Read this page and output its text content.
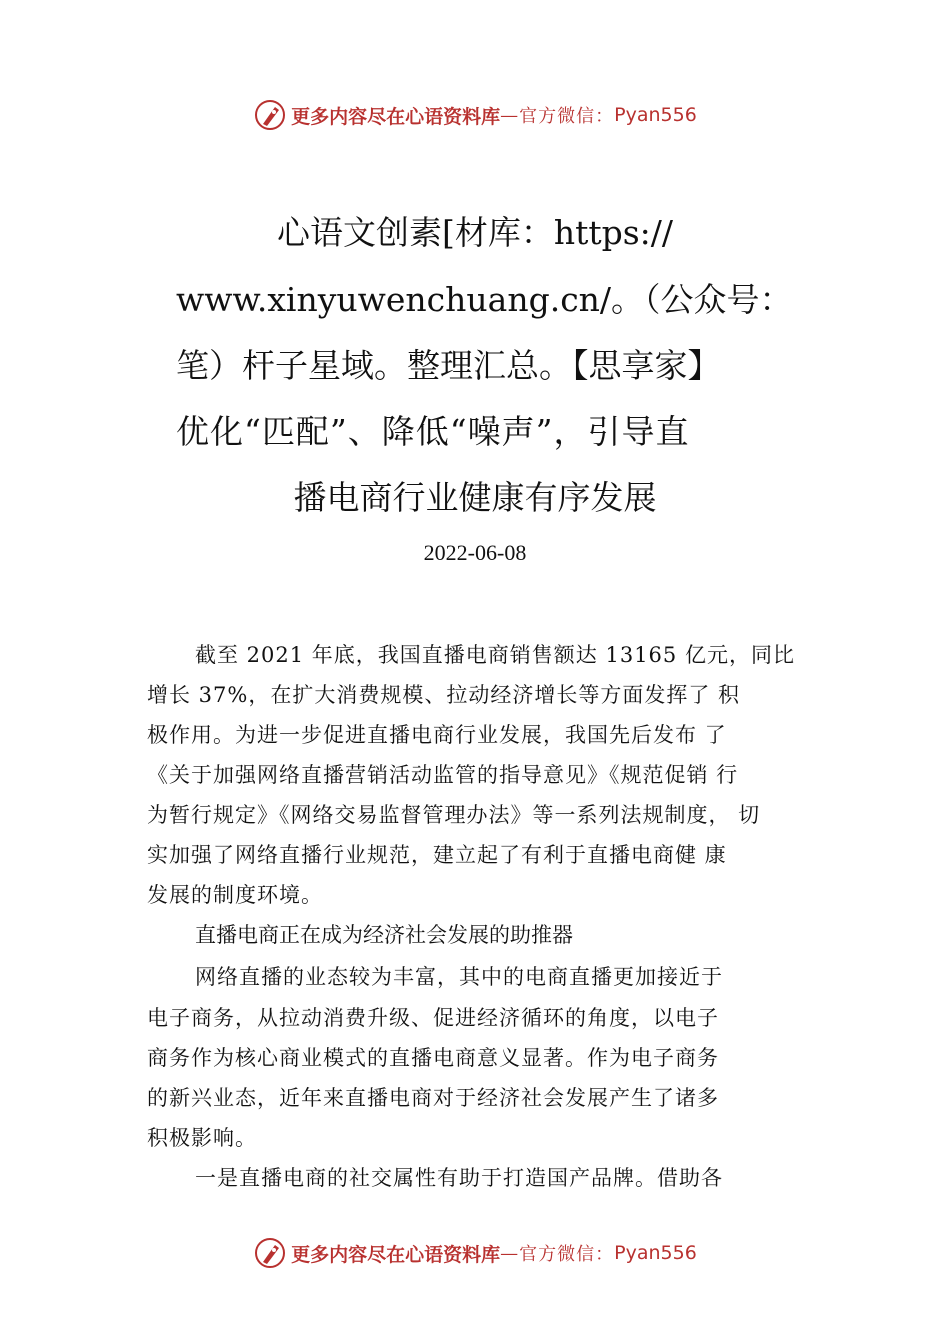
更多内容尽在心语资料库 — 官方微信： Pyan556
心语文创素[材库：https://
www.xinyuwenchuang.cn/。（公众号：
笔）杆子星域。整理汇总。【思享家】
优化“匹配”、降低“噪声”，引导直
播电商行业健康有序发展
2022-06-08
截至 2021 年底，我国直播电商销售额达 13165 亿元，同比
增长 37%，在扩大消费规模、拉动经济增长等方面发挥了 积
极作用。为进一步促进直播电商行业发展，我国先后发布 了
《关于加强网络直播营销活动监管的指导意见》《规范促销 行
为暂行规定》《网络交易监督管理办法》等一系列法规制度， 切
实加强了网络直播行业规范，建立起了有利于直播电商健 康
发展的制度环境。
直播电商正在成为经济社会发展的助推器
网络直播的业态较为丰富，其中的电商直播更加接近于
电子商务，从拉动消费升级、促进经济循环的角度，以电子
商务作为核心商业模式的直播电商意义显著。作为电子商务
的新兴业态，近年来直播电商对于经济社会发展产生了诸多
积极影响。
一是直播电商的社交属性有助于打造国产品牌。借助各
更多内容尽在心语资料库 — 官方微信： Pyan556
